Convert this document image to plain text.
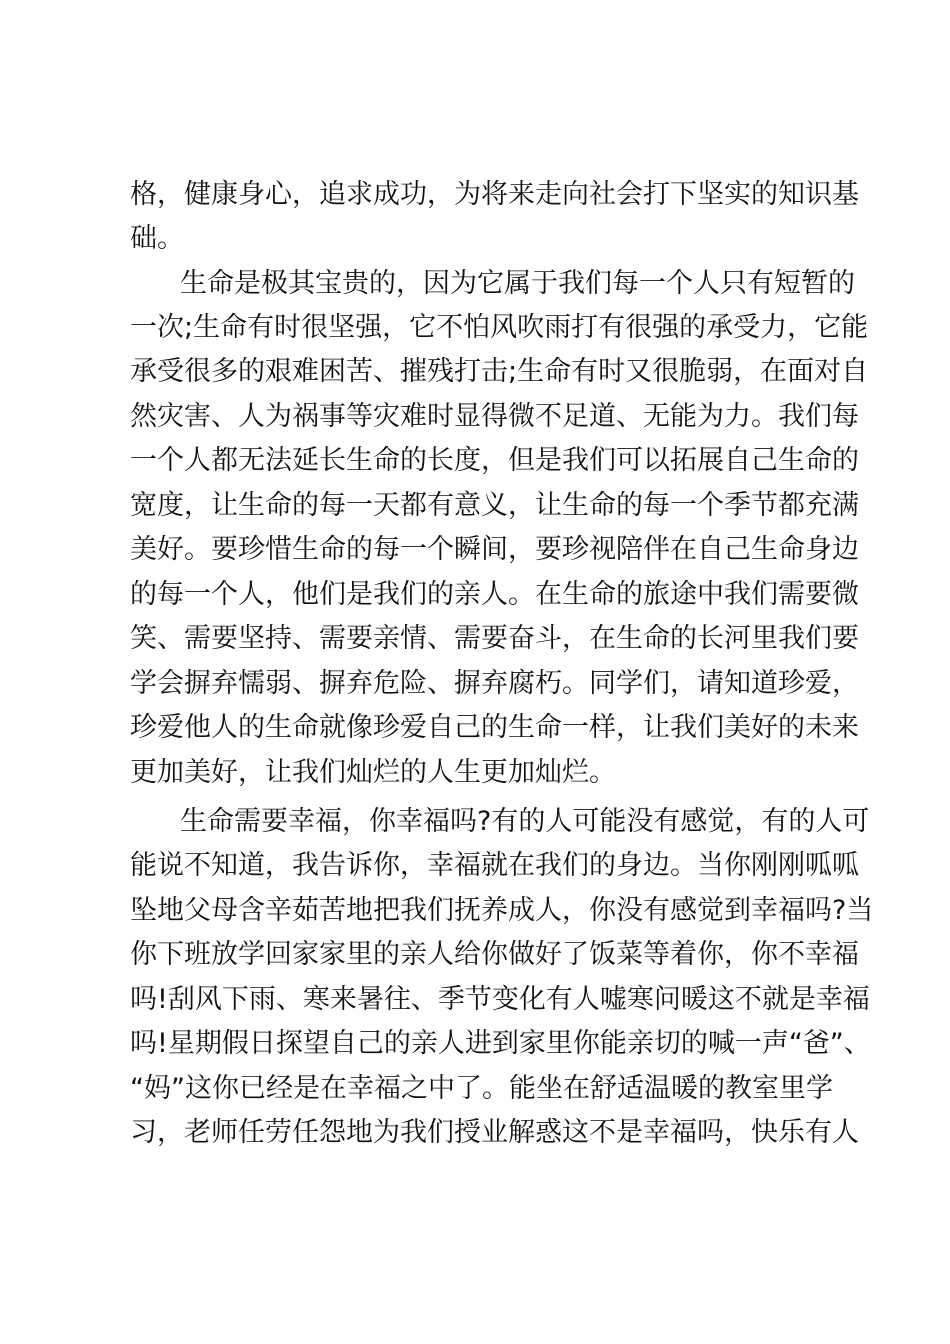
格，健康身心，追求成功，为将来走向社会打下坚实的知识基
础。
生命是极其宝贵的，因为它属于我们每一个人只有短暂的
一次;生命有时很坚强，它不怕风吹雨打有很强的承受力，它能
承受很多的艰难困苦、摧残打击;生命有时又很脆弱，在面对自
然灾害、人为祸事等灾难时显得微不足道、无能为力。我们每
一个人都无法延长生命的长度，但是我们可以拓展自己生命的
宽度，让生命的每一天都有意义，让生命的每一个季节都充满
美好。要珍惜生命的每一个瞬间，要珍视陪伴在自己生命身边
的每一个人，他们是我们的亲人。在生命的旅途中我们需要微
笑、需要坚持、需要亲情、需要奋斗，在生命的长河里我们要
学会摒弃懦弱、摒弃危险、摒弃腐朽。同学们，请知道珍爱，
珍爱他人的生命就像珍爱自己的生命一样，让我们美好的未来
更加美好，让我们灿烂的人生更加灿烂。
生命需要幸福，你幸福吗?有的人可能没有感觉，有的人可
能说不知道，我告诉你，幸福就在我们的身边。当你刚刚呱呱
坠地父母含辛茹苦地把我们抚养成人，你没有感觉到幸福吗?当
你下班放学回家家里的亲人给你做好了饭菜等着你，你不幸福
吗!刮风下雨、寒来暑往、季节变化有人嘘寒问暖这不就是幸福
吗!星期假日探望自己的亲人进到家里你能亲切的喊一声“爸”、
“妈”这你已经是在幸福之中了。能坐在舒适温暖的教室里学
习，老师任劳任怨地为我们授业解惑这不是幸福吗，快乐有人
